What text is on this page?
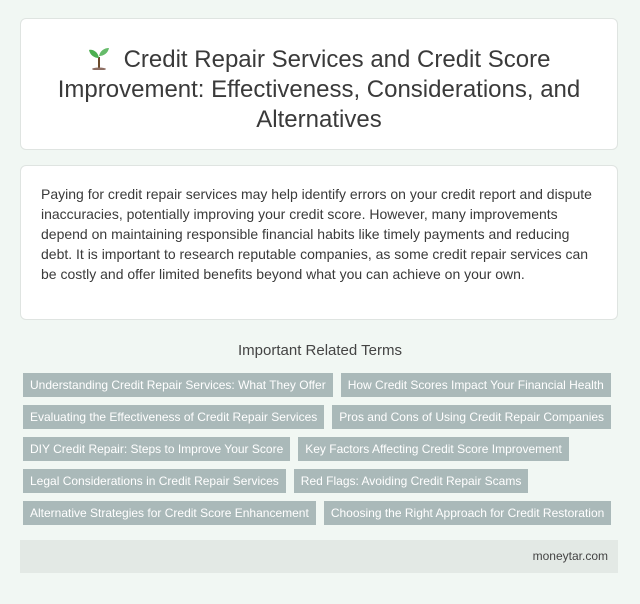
Credit Repair Services and Credit Score Improvement: Effectiveness, Considerations, and Alternatives

Paying for credit repair services may help identify errors on your credit report and dispute inaccuracies, potentially improving your credit score. However, many improvements depend on maintaining responsible financial habits like timely payments and reducing debt. It is important to research reputable companies, as some credit repair services can be costly and offer limited benefits beyond what you can achieve on your own.

Important Related Terms
Understanding Credit Repair Services: What They Offer	How Credit Scores Impact Your Financial Health
Evaluating the Effectiveness of Credit Repair Services	Pros and Cons of Using Credit Repair Companies
DIY Credit Repair: Steps to Improve Your Score	Key Factors Affecting Credit Score Improvement
Legal Considerations in Credit Repair Services	Red Flags: Avoiding Credit Repair Scams
Alternative Strategies for Credit Score Enhancement	Choosing the Right Approach for Credit Restoration
moneytar.com
